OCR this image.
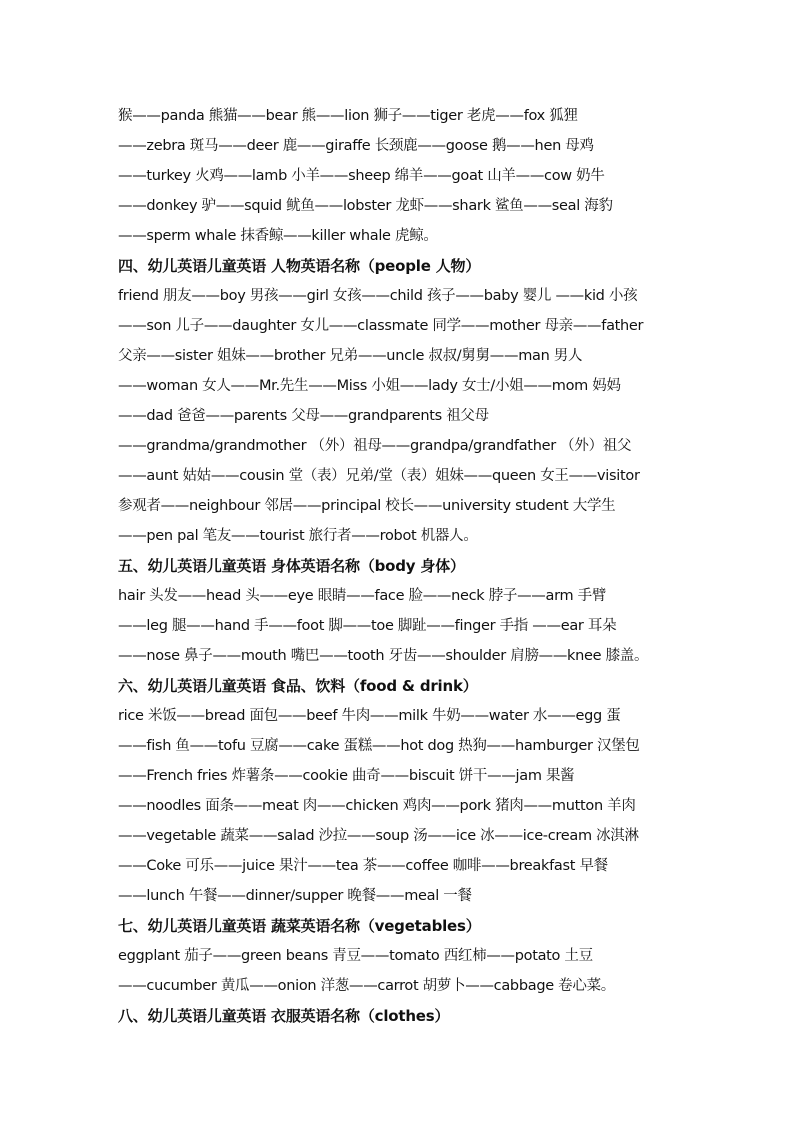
猴——panda 熊猫——bear 熊——lion 狮子——tiger 老虎——fox 狐狸
——zebra 斑马——deer 鹿——giraffe 长颈鹿——goose 鹅——hen 母鸡
——turkey 火鸡——lamb 小羊——sheep 绵羊——goat 山羊——cow 奶牛
——donkey 驴——squid 鱿鱼——lobster 龙虾——shark 鲨鱼——seal 海豹
——sperm whale 抹香鲸——killer whale 虎鲸。
四、幼儿英语儿童英语 人物英语名称（people 人物）
friend 朋友——boy 男孩——girl 女孩——child 孩子——baby 婴儿 ——kid 小孩
——son 儿子——daughter 女儿——classmate 同学——mother 母亲——father
父亲——sister 姐妹——brother 兄弟——uncle 叔叔/舅舅——man 男人
——woman 女人——Mr.先生——Miss 小姐——lady 女士/小姐——mom 妈妈
——dad 爸爸——parents 父母——grandparents 祖父母
——grandma/grandmother （外）祖母——grandpa/grandfather （外）祖父
——aunt 姑姑——cousin 堂（表）兄弟/堂（表）姐妹——queen 女王——visitor
参观者——neighbour 邻居——principal 校长——university student 大学生
——pen pal 笔友——tourist 旅行者——robot 机器人。
五、幼儿英语儿童英语 身体英语名称（body 身体）
hair 头发——head 头——eye 眼睛——face 脸——neck 脖子——arm 手臂
——leg 腿——hand 手——foot 脚——toe 脚趾——finger 手指 ——ear 耳朵
——nose 鼻子——mouth 嘴巴——tooth 牙齿——shoulder 肩膀——knee 膝盖。
六、幼儿英语儿童英语 食品、饮料（food & drink）
rice 米饭——bread 面包——beef 牛肉——milk 牛奶——water 水——egg 蛋
——fish 鱼——tofu 豆腐——cake 蛋糕——hot dog 热狗——hamburger 汉堡包
——French fries 炸薯条——cookie 曲奇——biscuit 饼干——jam 果酱
——noodles 面条——meat 肉——chicken 鸡肉——pork 猪肉——mutton 羊肉
——vegetable 蔬菜——salad 沙拉——soup 汤——ice 冰——ice-cream 冰淇淋
——Coke 可乐——juice 果汁——tea 茶——coffee 咖啡——breakfast 早餐
——lunch 午餐——dinner/supper 晚餐——meal 一餐
七、幼儿英语儿童英语 蔬菜英语名称（vegetables）
eggplant 茄子——green beans 青豆——tomato 西红柿——potato 土豆
——cucumber 黄瓜——onion 洋葱——carrot 胡萝卜——cabbage 卷心菜。
八、幼儿英语儿童英语 衣服英语名称（clothes）
